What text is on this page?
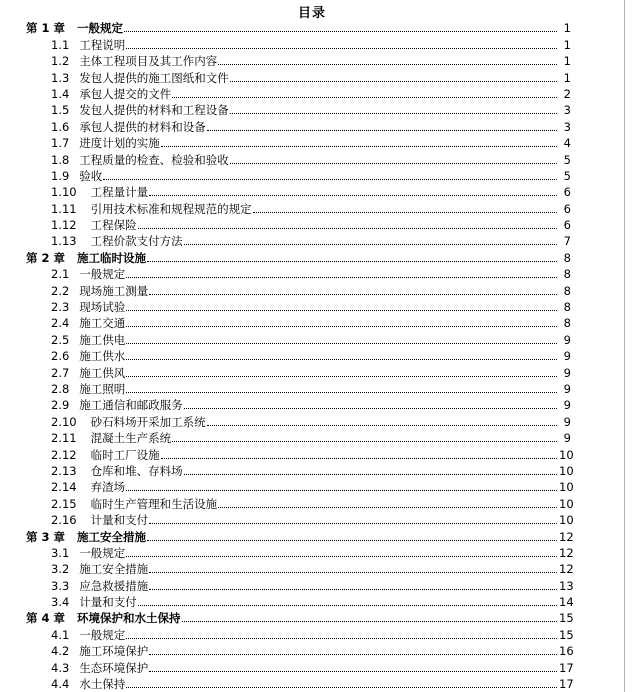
目录
第 1 章 一般规定	1
1.1 工程说明	1
1.2 主体工程项目及其工作内容	1
1.3 发包人提供的施工图纸和文件	1
1.4 承包人提交的文件	2
1.5 发包人提供的材料和工程设备	3
1.6 承包人提供的材料和设备	3
1.7 进度计划的实施	4
1.8 工程质量的检查、检验和验收	5
1.9 验收	5
1.10 工程量计量	6
1.11 引用技术标准和规程规范的规定	6
1.12 工程保险	6
1.13 工程价款支付方法	7
第 2 章 施工临时设施	8
2.1 一般规定	8
2.2 现场施工测量	8
2.3 现场试验	8
2.4 施工交通	8
2.5 施工供电	9
2.6 施工供水	9
2.7 施工供风	9
2.8 施工照明	9
2.9 施工通信和邮政服务	9
2.10 砂石料场开采加工系统	9
2.11 混凝土生产系统	9
2.12 临时工厂设施	10
2.13 仓库和堆、存料场	10
2.14 弃渣场	10
2.15 临时生产管理和生活设施	10
2.16 计量和支付	10
第 3 章 施工安全措施	12
3.1 一般规定	12
3.2 施工安全措施	12
3.3 应急救援措施	13
3.4 计量和支付	14
第 4 章 环境保护和水土保持	15
4.1 一般规定	15
4.2 施工环境保护	16
4.3 生态环境保护	17
4.4 水土保持	17
